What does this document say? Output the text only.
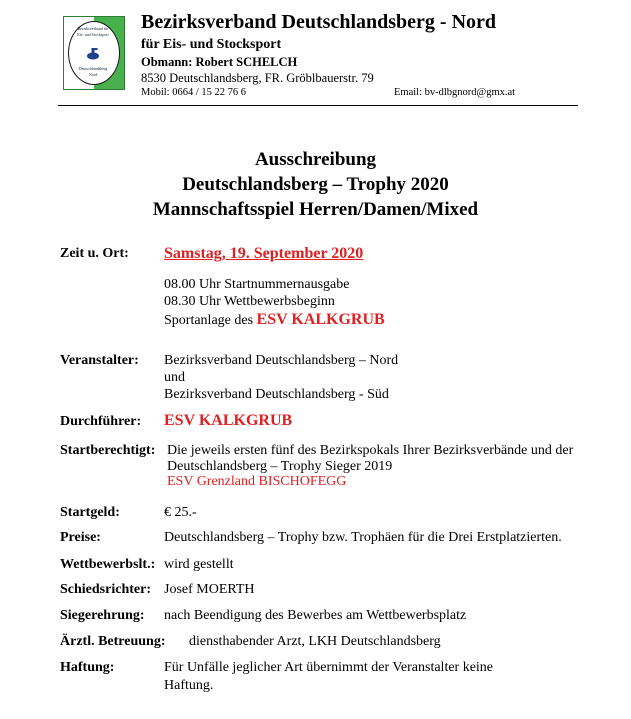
Bezirksverband für
Eis- und Stocksport
Deutschlandsberg
Nord
Bezirksverband Deutschlandsberg - Nord
für Eis- und Stocksport
Obmann: Robert SCHELCH
8530 Deutschlandsberg, FR. Gröblbauerstr. 79
Mobil: 0664 / 15 22 76 6	Email: bv-dlbgnord@gmx.at
Ausschreibung
Deutschlandsberg – Trophy 2020
Mannschaftsspiel Herren/Damen/Mixed
Zeit u. Ort: Samstag, 19. September 2020
08.00 Uhr Startnummernausgabe
08.30 Uhr Wettbewerbsbeginn
Sportanlage des ESV KALKGRUB
Veranstalter: Bezirksverband Deutschlandsberg – Nord
und
Bezirksverband Deutschlandsberg - Süd
Durchführer: ESV KALKGRUB
Startberechtigt: Die jeweils ersten fünf des Bezirkspokals Ihrer Bezirksverbände und der
Deutschlandsberg – Trophy Sieger 2019
ESV Grenzland BISCHOFEGG
Startgeld:	€ 25.-
Preise:	Deutschlandsberg – Trophy bzw. Trophäen für die Drei Erstplatzierten.
Wettbewerbslt.: wird gestellt
Schiedsrichter: Josef MOERTH
Siegerehrung: nach Beendigung des Bewerbes am Wettbewerbsplatz
Ärztl. Betreuung: diensthabender Arzt, LKH Deutschlandsberg
Haftung:	Für Unfälle jeglicher Art übernimmt der Veranstalter keine
Haftung.
